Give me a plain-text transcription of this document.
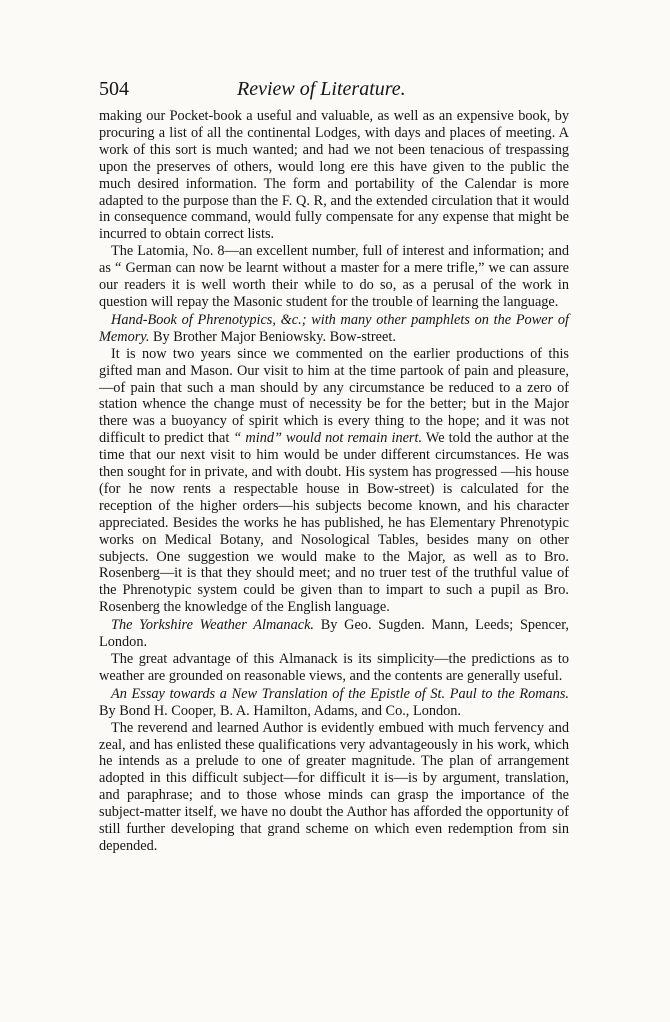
504	Review of Literature.

making our Pocket-book a useful and valuable, as well as an expensive book, by procuring a list of all the continental Lodges, with days and places of meeting. A work of this sort is much wanted; and had we not been tenacious of trespassing upon the preserves of others, would long ere this have given to the public the much desired information. The form and portability of the Calendar is more adapted to the purpose than the F. Q. R, and the extended circulation that it would in consequence command, would fully compensate for any expense that might be incurred to obtain correct lists.

The Latomia, No. 8—an excellent number, full of interest and information; and as “ German can now be learnt without a master for a mere trifle,” we can assure our readers it is well worth their while to do so, as a perusal of the work in question will repay the Masonic student for the trouble of learning the language.

Hand-Book of Phrenotypics, &c.; with many other pamphlets on the Power of Memory. By Brother Major Beniowsky. Bow-street.

It is now two years since we commented on the earlier productions of this gifted man and Mason. Our visit to him at the time partook of pain and pleasure,—of pain that such a man should by any circumstance be reduced to a zero of station whence the change must of necessity be for the better; but in the Major there was a buoyancy of spirit which is every thing to the hope; and it was not difficult to predict that “ mind” would not remain inert. We told the author at the time that our next visit to him would be under different circumstances. He was then sought for in private, and with doubt. His system has progressed —his house (for he now rents a respectable house in Bow-street) is calculated for the reception of the higher orders—his subjects become known, and his character appreciated. Besides the works he has published, he has Elementary Phrenotypic works on Medical Botany, and Nosological Tables, besides many on other subjects. One suggestion we would make to the Major, as well as to Bro. Rosenberg—it is that they should meet; and no truer test of the truthful value of the Phrenotypic system could be given than to impart to such a pupil as Bro. Rosenberg the knowledge of the English language.

The Yorkshire Weather Almanack. By Geo. Sugden. Mann, Leeds; Spencer, London.

The great advantage of this Almanack is its simplicity—the predictions as to weather are grounded on reasonable views, and the contents are generally useful.

An Essay towards a New Translation of the Epistle of St. Paul to the Romans. By Bond H. Cooper, B. A. Hamilton, Adams, and Co., London.

The reverend and learned Author is evidently embued with much fervency and zeal, and has enlisted these qualifications very advantageously in his work, which he intends as a prelude to one of greater magnitude. The plan of arrangement adopted in this difficult subject—for difficult it is—is by argument, translation, and paraphrase; and to those whose minds can grasp the importance of the subject-matter itself, we have no doubt the Author has afforded the opportunity of still further developing that grand scheme on which even redemption from sin depended.
